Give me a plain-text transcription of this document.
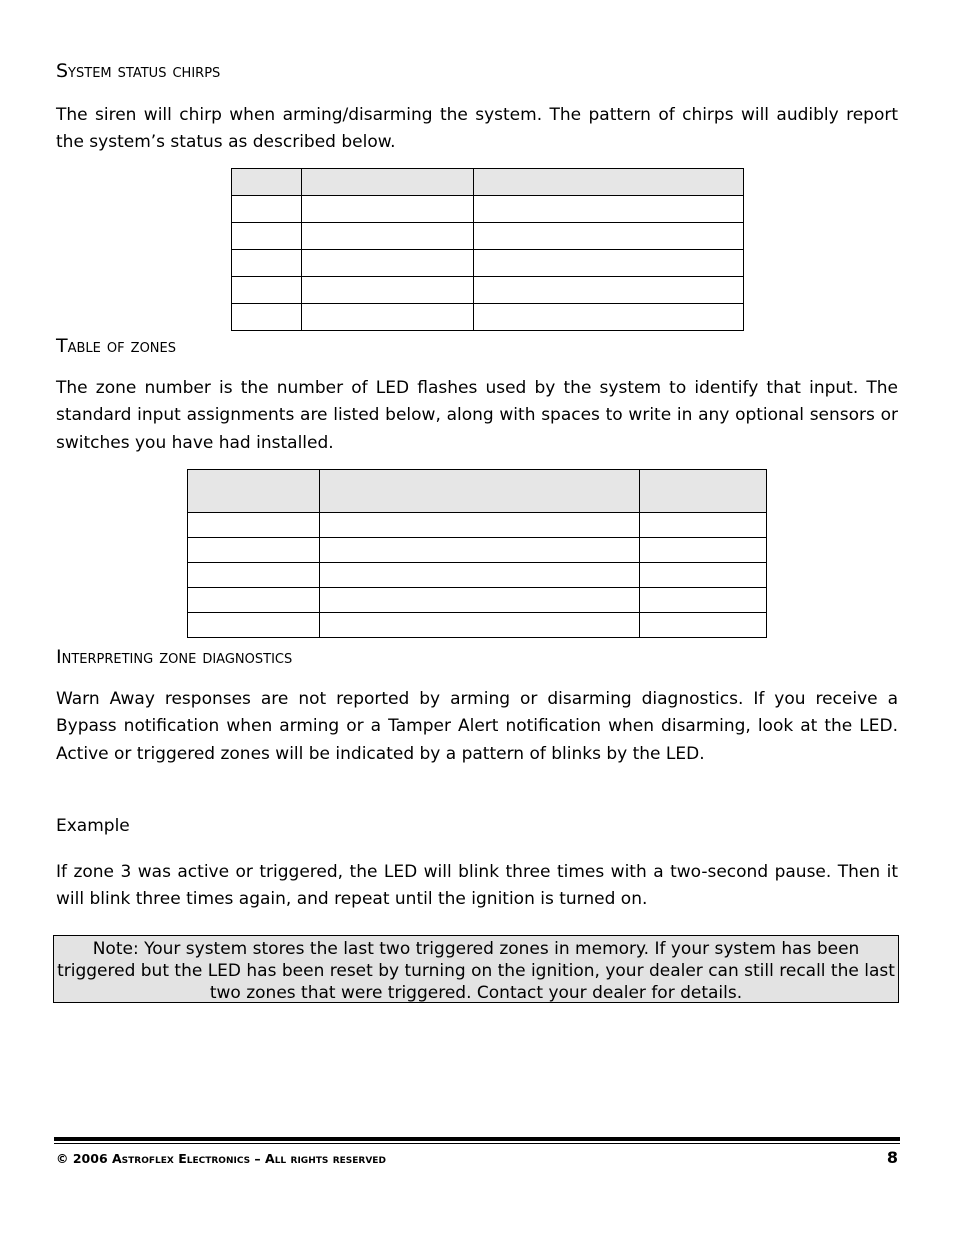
System status chirps

The siren will chirp when arming/disarming the system. The pattern of chirps will audibly report the system’s status as described below.

Table of zones

The zone number is the number of LED flashes used by the system to identify that input. The standard input assignments are listed below, along with spaces to write in any optional sensors or switches you have had installed.

Interpreting zone diagnostics

Warn Away responses are not reported by arming or disarming diagnostics. If you receive a Bypass notification when arming or a Tamper Alert notification when disarming, look at the LED. Active or triggered zones will be indicated by a pattern of blinks by the LED.

Example

If zone 3 was active or triggered, the LED will blink three times with a two-second pause. Then it will blink three times again, and repeat until the ignition is turned on.

Note: Your system stores the last two triggered zones in memory. If your system has been triggered but the LED has been reset by turning on the ignition, your dealer can still recall the last two zones that were triggered. Contact your dealer for details.
© 2006 Astroflex Electronics – All rights reserved	8
